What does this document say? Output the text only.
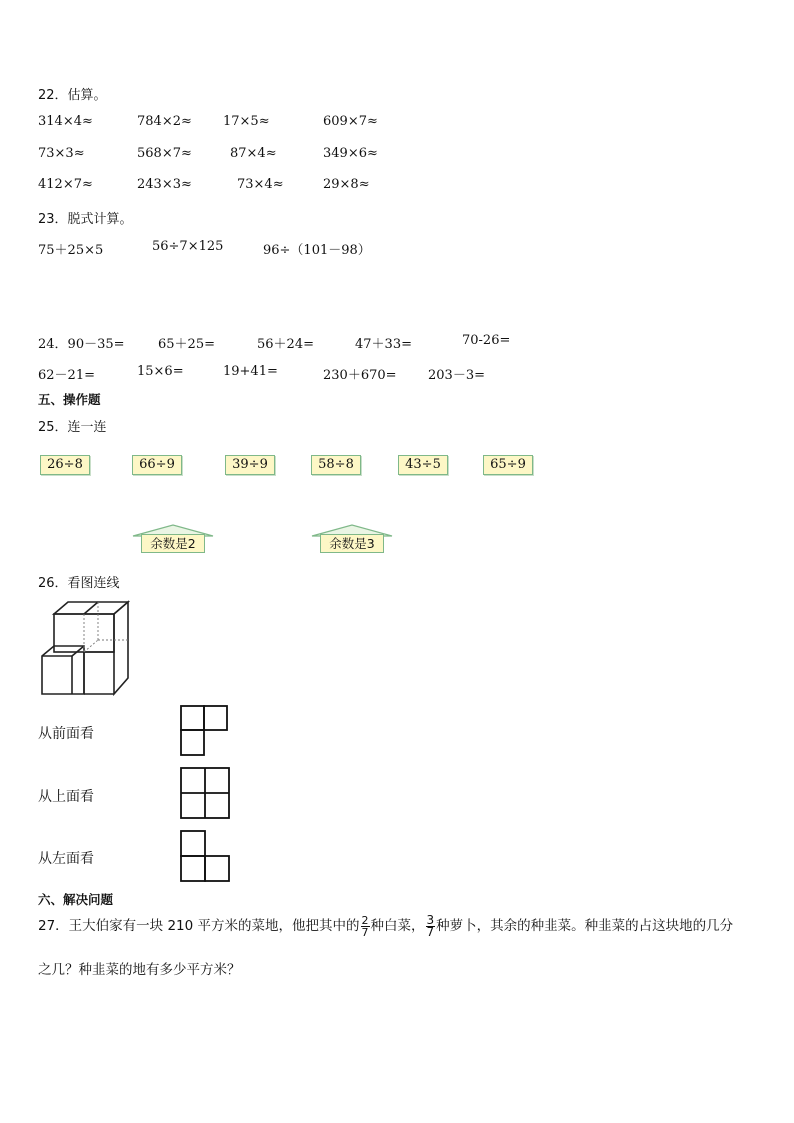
22．估算。
314×4≈	784×2≈ 17×5≈	609×7≈
73×3≈	568×7≈	87×4≈	349×6≈
412×7≈	243×3≈	73×4≈	29×8≈
23．脱式计算。
75＋25×5	56÷7×125	96÷（101－98）
24．90－35=	65＋25=	56＋24=	47＋33=	70-26=
62－21=	15×6=	19+41=	230＋670= 203－3=
五、操作题
25．连一连
26÷8	66÷9	39÷9	58÷8	43÷5	65÷9
余数是2	余数是3
26．看图连线
从前面看
从上面看
从左面看
六、解决问题
27．王大伯家有一块 210 平方米的菜地，他把其中的 $\frac{2}{7}$ 种白菜， $\frac{3}{7}$ 种萝卜，其余的种韭菜。种韭菜的占这块地的几分
之几？种韭菜的地有多少平方米？
